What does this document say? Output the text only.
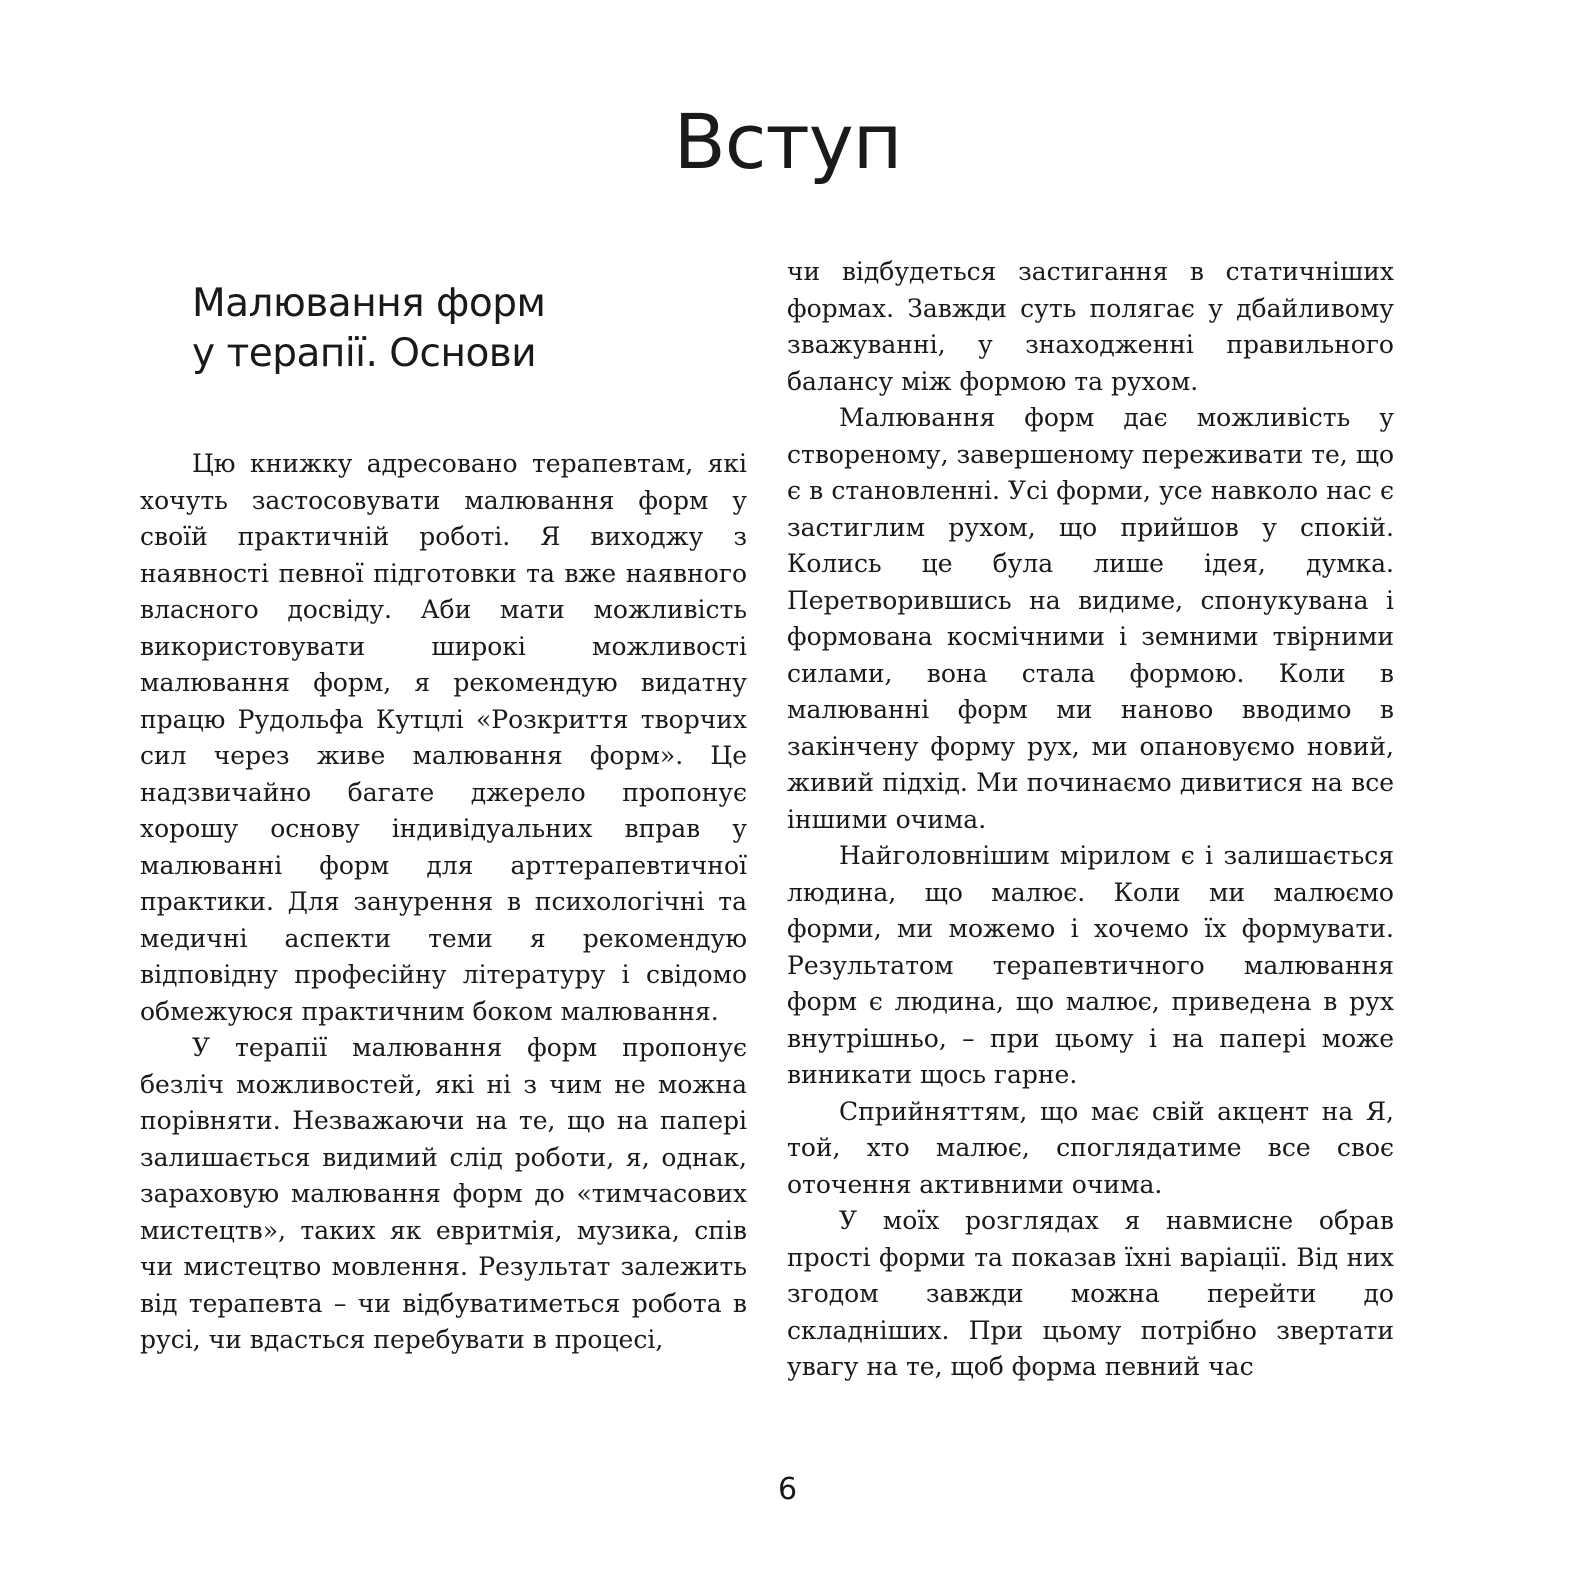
Вступ
Малювання форм
у терапії. Основи

Цю книжку адресовано терапевтам, які хочуть застосовувати малювання форм у своїй практичній роботі. Я виходжу з наявності певної підготовки та вже наявного власного досвіду. Аби мати можливість використовувати широкі можливості малювання форм, я рекомендую видатну працю Рудольфа Кутцлі «Розкриття творчих сил через живе малювання форм». Це надзвичайно багате джерело пропонує хорошу основу індивідуальних вправ у малюванні форм для арттерапевтичної практики. Для занурення в психологічні та медичні аспекти теми я рекомендую відповідну професійну літературу і свідомо обмежуюся практичним боком малювання.

У терапії малювання форм пропонує безліч можливостей, які ні з чим не можна порівняти. Незважаючи на те, що на папері залишається видимий слід роботи, я, однак, зараховую малювання форм до «тимчасових мистецтв», таких як евритмія, музика, спів чи мистецтво мовлення. Результат залежить від терапевта – чи відбуватиметься робота в русі, чи вдасться перебувати в процесі,

чи відбудеться застигання в статичніших формах. Завжди суть полягає у дбайливому зважуванні, у знаходженні правильного балансу між формою та рухом.

Малювання форм дає можливість у створеному, завершеному переживати те, що є в становленні. Усі форми, усе навколо нас є застиглим рухом, що прийшов у спокій. Колись це була лише ідея, думка. Перетворившись на видиме, спонукувана і формована космічними і земними твірними силами, вона стала формою. Коли в малюванні форм ми наново вводимо в закінчену форму рух, ми опановуємо новий, живий підхід. Ми починаємо дивитися на все іншими очима.

Найголовнішим мірилом є і залишається людина, що малює. Коли ми малюємо форми, ми можемо і хочемо їх формувати. Результатом терапевтичного малювання форм є людина, що малює, приведена в рух внутрішньо, – при цьому і на папері може виникати щось гарне.

Сприйняттям, що має свій акцент на Я, той, хто малює, споглядатиме все своє оточення активними очима.

У моїх розглядах я навмисне обрав прості форми та показав їхні варіації. Від них згодом завжди можна перейти до складніших. При цьому потрібно звертати увагу на те, щоб форма певний час

6
